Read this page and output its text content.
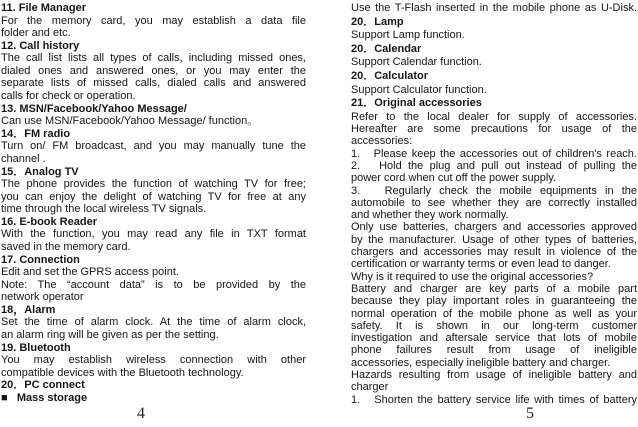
11. File Manager
For the memory card, you may establish a data file
folder and etc.
12. Call history
The call list lists all types of calls, including missed ones,
dialed ones and answered ones, or you may enter the
separate lists of missed calls, dialed calls and answered
calls for check or operation.
13. MSN/Facebook/Yahoo Message/
Can use MSN/Facebook/Yahoo Message/ function。
14．FM radio
Turn on/ FM broadcast, and you may manually tune the
channel .
15．Analog TV
The phone provides the function of watching TV for free;
you can enjoy the delight of watching TV for free at any
time through the local wireless TV signals.
16. E-book Reader
With the function, you may read any file in TXT format
saved in the memory card.
17. Connection
Edit and set the GPRS access point.
Note: The “account data” is to be provided by the
network operator
18，Alarm
Set the time of alarm clock. At the time of alarm clock,
an alarm ring will be given as per the setting.
19. Bluetooth
You may establish wireless connection with other
compatible devices with the Bluetooth technology.
20．PC connect
■   Mass storage
Use the T-Flash inserted in the mobile phone as U-Disk.
20．Lamp
Support Lamp function.
20．Calendar
Support Calendar function.
20．Calculator
Support Calculator function.
21．Original accessories
Refer to the local dealer for supply of accessories.
Hereafter are some precautions for usage of the
accessories:
1.   Please keep the accessories out of children's reach.
2.   Hold the plug and pull out instead of pulling the
power cord when cut off the power supply.
3.   Regularly check the mobile equipments in the
automobile to see whether they are correctly installed
and whether they work normally.
Only use batteries, chargers and accessories approved
by the manufacturer. Usage of other types of batteries,
chargers and accessories may result in violence of the
certification or warranty terms or even lead to danger.
Why is it required to use the original accessories?
Battery and charger are key parts of a mobile part
because they play important roles in guaranteeing the
normal operation of the mobile phone as well as your
safety. It is shown in our long-term customer
investigation and aftersale service that lots of mobile
phone failures result from usage of ineligible
accessories, especially ineligible battery and charger.
Hazards resulting from usage of ineligible battery and
charger
1.   Shorten the battery service life with times of battery
4	5
